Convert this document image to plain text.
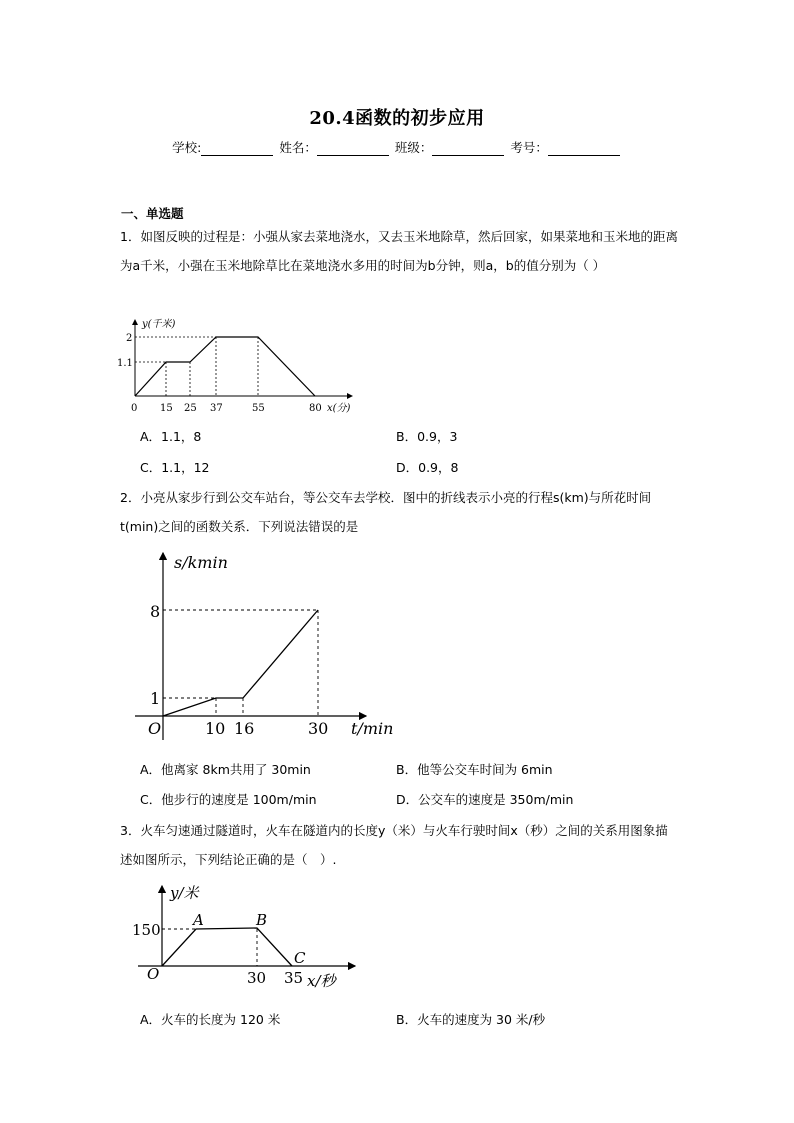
20.4函数的初步应用
学校:	姓名：	班级：	考号：
一、单选题
1．如图反映的过程是：小强从家去菜地浇水，又去玉米地除草，然后回家，如果菜地和玉米地的距离为a千米，小强在玉米地除草比在菜地浇水多用的时间为b分钟，则a，b的值分别为（ ）
y(千米)
x(分)
0
1.1
2
15 25 37	55	80
A．1.1，8	B．0.9，3
C．1.1，12	D．0.9，8
2．小亮从家步行到公交车站台，等公交车去学校．图中的折线表示小亮的行程s(km)与所花时间t(min)之间的函数关系．下列说法错误的是
s/kmin
t/min
O
1
8
10 16	30
A．他离家 8km共用了 30min	B．他等公交车时间为 6min
C．他步行的速度是 100m/min	D．公交车的速度是 350m/min
3．火车匀速通过隧道时，火车在隧道内的长度y（米）与火车行驶时间x（秒）之间的关系用图象描述如图所示，下列结论正确的是（　）.
y/米
x/秒
O
150
30 35
A	B
C
A．火车的长度为 120 米	B．火车的速度为 30 米/秒
